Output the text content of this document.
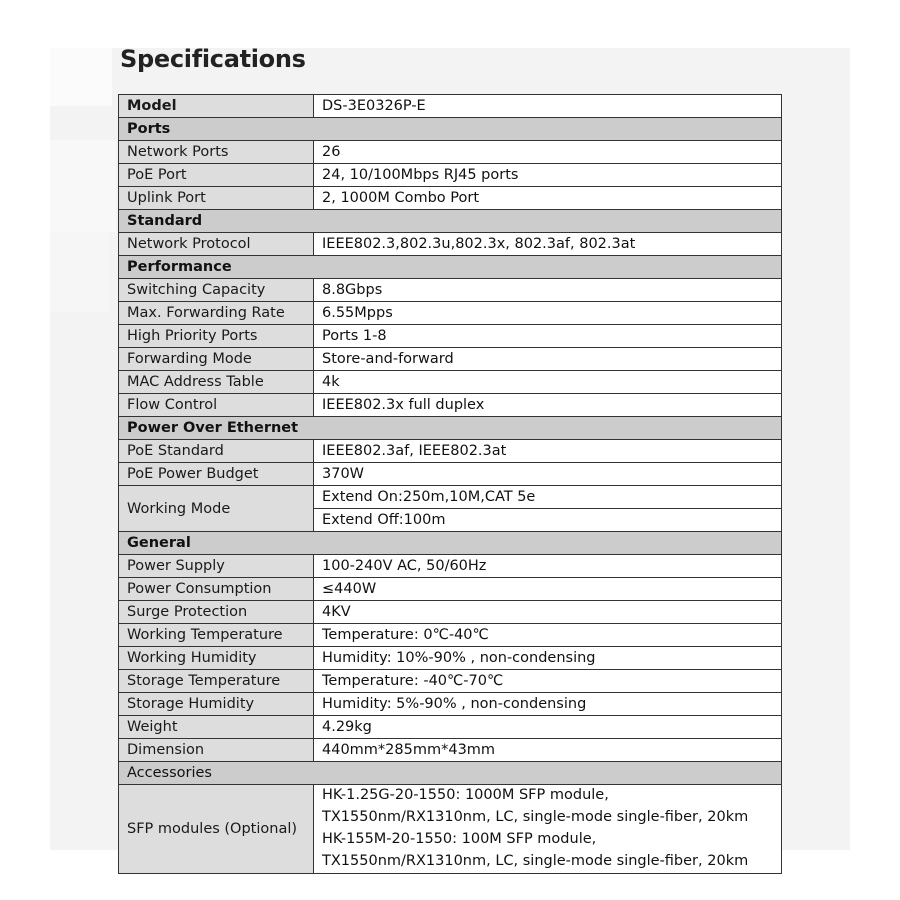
Specifications
Model	DS-3E0326P-E
Ports	
Network Ports	26
PoE Port	24, 10/100Mbps RJ45 ports
Uplink Port	2, 1000M Combo Port
Standard	
Network Protocol	IEEE802.3,802.3u,802.3x, 802.3af, 802.3at
Performance	
Switching Capacity	8.8Gbps
Max. Forwarding Rate	6.55Mpps
High Priority Ports	Ports 1-8
Forwarding Mode	Store-and-forward
MAC Address Table	4k
Flow Control	IEEE802.3x full duplex
Power Over Ethernet	
PoE Standard	IEEE802.3af, IEEE802.3at
PoE Power Budget	370W
Working Mode	Extend On:250m,10M,CAT 5e
	Extend Off:100m
General	
Power Supply	100-240V AC, 50/60Hz
Power Consumption	≤440W
Surge Protection	4KV
Working Temperature	Temperature: 0℃-40℃
Working Humidity	Humidity: 10%-90% , non-condensing
Storage Temperature	Temperature: -40℃-70℃
Storage Humidity	Humidity: 5%-90% , non-condensing
Weight	4.29kg
Dimension	440mm*285mm*43mm
Accessories	
SFP modules (Optional)	HK-1.25G-20-1550: 1000M SFP module,
TX1550nm/RX1310nm, LC, single-mode single-fiber, 20km
HK-155M-20-1550: 100M SFP module,
TX1550nm/RX1310nm, LC, single-mode single-fiber, 20km
